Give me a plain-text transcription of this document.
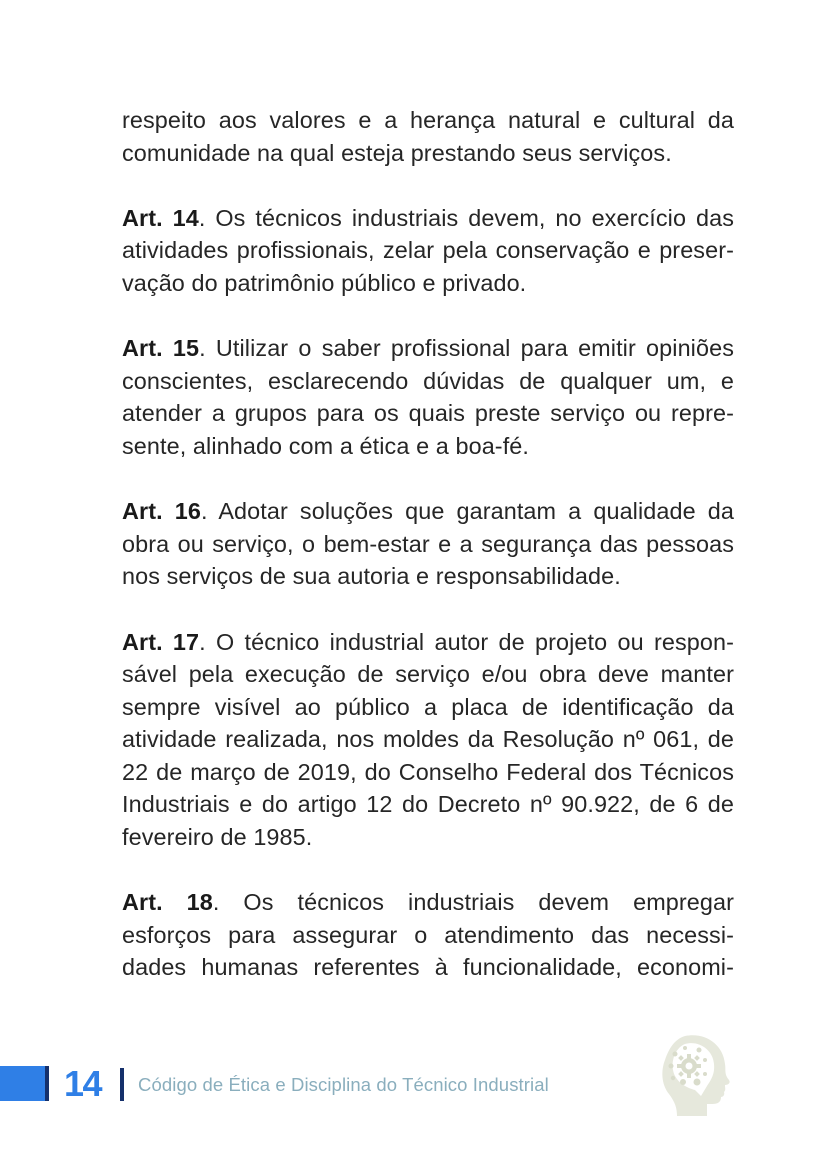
respeito aos valores e a herança natural e cultural da
comunidade na qual esteja prestando seus serviços.

Art. 14. Os técnicos industriais devem, no exercício das
atividades profissionais, zelar pela conservação e preser-
vação do patrimônio público e privado.

Art. 15. Utilizar o saber profissional para emitir opiniões
conscientes, esclarecendo dúvidas de qualquer um, e
atender a grupos para os quais preste serviço ou repre-
sente, alinhado com a ética e a boa-fé.

Art. 16. Adotar soluções que garantam a qualidade da
obra ou serviço, o bem-estar e a segurança das pessoas
nos serviços de sua autoria e responsabilidade.

Art. 17. O técnico industrial autor de projeto ou respon-
sável pela execução de serviço e/ou obra deve manter
sempre visível ao público a placa de identificação da
atividade realizada, nos moldes da Resolução nº 061, de
22 de março de 2019, do Conselho Federal dos Técnicos
Industriais e do artigo 12 do Decreto nº 90.922, de 6 de
fevereiro de 1985.

Art. 18. Os técnicos industriais devem empregar
esforços para assegurar o atendimento das necessi-
dades humanas referentes à funcionalidade, economi-

14 Código de Ética e Disciplina do Técnico Industrial
